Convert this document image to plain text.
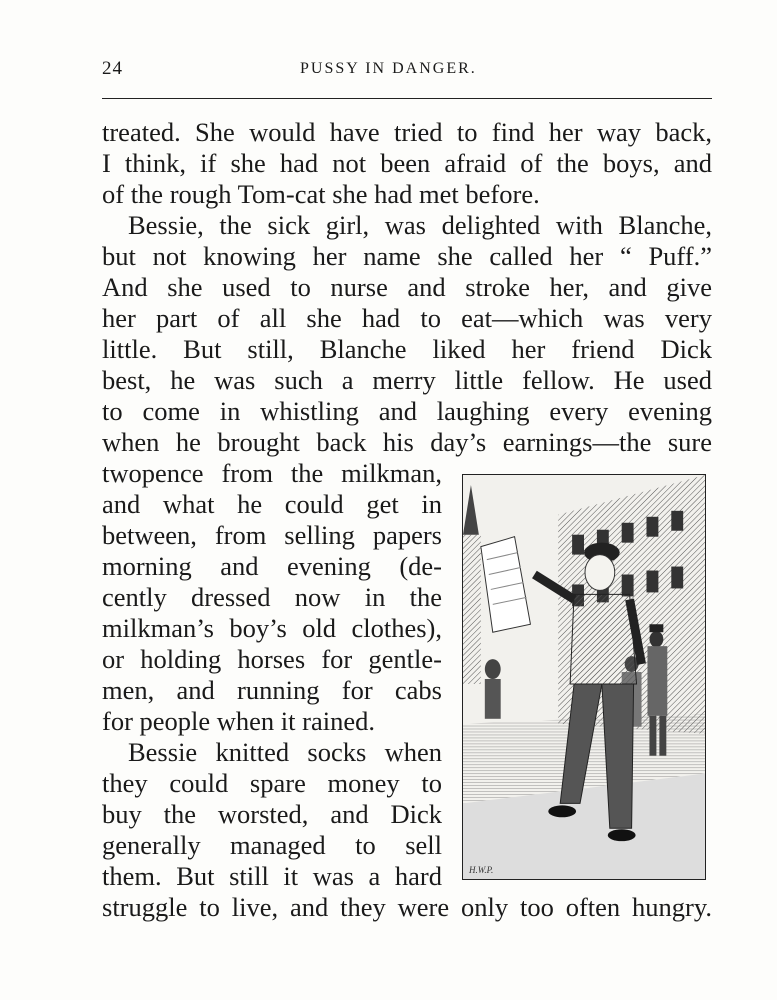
24	PUSSY IN DANGER.
treated. She would have tried to find her way back,
I think, if she had not been afraid of the boys, and
of the rough Tom-cat she had met before.
Bessie, the sick girl, was delighted with Blanche,
but not knowing her name she called her “ Puff.”
And she used to nurse and stroke her, and give
her part of all she had to eat—which was very
little. But still, Blanche liked her friend Dick
best, he was such a merry little fellow. He used
to come in whistling and laughing every evening
when he brought back his day’s earnings—the sure
twopence from the milkman,
and what he could get in
between, from selling papers
morning and evening (de-
cently dressed now in the
milkman’s boy’s old clothes),
or holding horses for gentle-
men, and running for cabs
for people when it rained.
Bessie knitted socks when
they could spare money to
buy the worsted, and Dick
generally managed to sell
them. But still it was a hard
struggle to live, and they were only too often hungry.
H.W.P.
